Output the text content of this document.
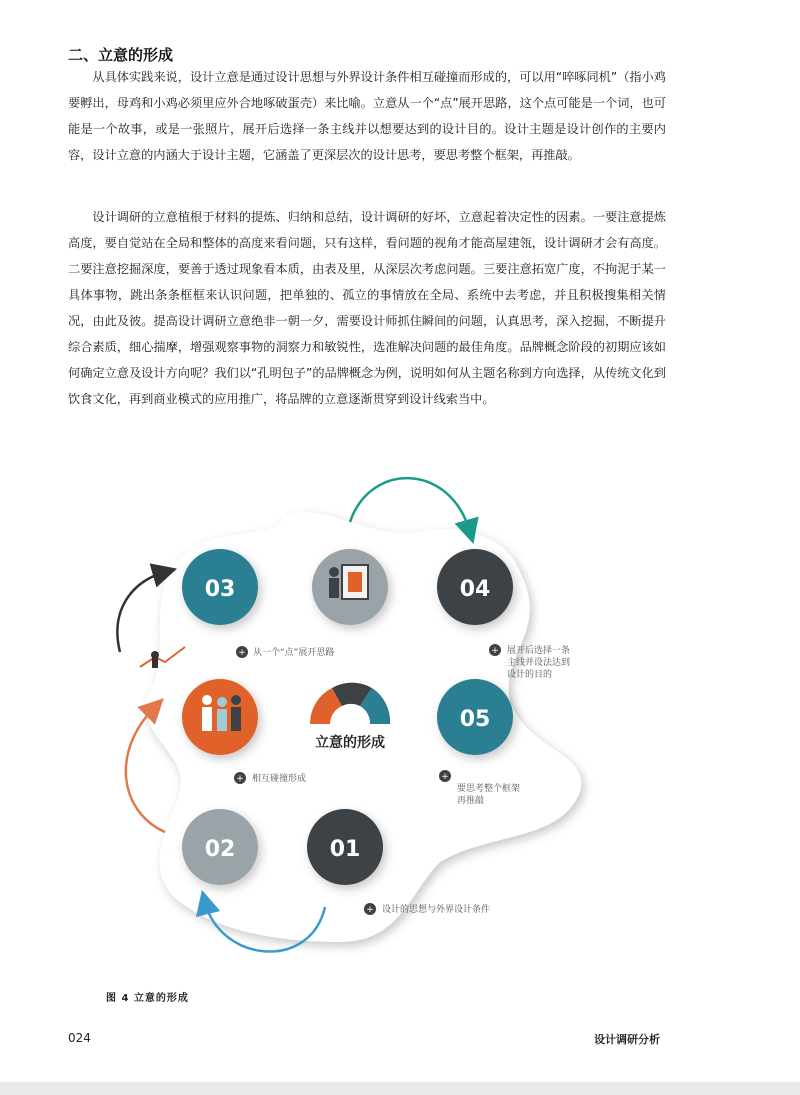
二、立意的形成

从具体实践来说，设计立意是通过设计思想与外界设计条件相互碰撞而形成的，可以用“啐啄同机”（指小鸡要孵出，母鸡和小鸡必须里应外合地啄破蛋壳）来比喻。立意从一个“点”展开思路，这个点可能是一个词，也可能是一个故事，或是一张照片，展开后选择一条主线并以想要达到的设计目的。设计主题是设计创作的主要内容，设计立意的内涵大于设计主题，它涵盖了更深层次的设计思考，要思考整个框架，再推敲。

设计调研的立意植根于材料的提炼、归纳和总结，设计调研的好坏，立意起着决定性的因素。一要注意提炼高度，要自觉站在全局和整体的高度来看问题，只有这样，看问题的视角才能高屋建瓴，设计调研才会有高度。二要注意挖掘深度，要善于透过现象看本质，由表及里，从深层次考虑问题。三要注意拓宽广度，不拘泥于某一具体事物，跳出条条框框来认识问题，把单独的、孤立的事情放在全局、系统中去考虑，并且积极搜集相关情况，由此及彼。提高设计调研立意绝非一朝一夕，需要设计师抓住瞬间的问题，认真思考，深入挖掘，不断提升综合素质，细心揣摩，增强观察事物的洞察力和敏锐性，选准解决问题的最佳角度。品牌概念阶段的初期应该如何确定立意及设计方向呢？我们以“孔明包子”的品牌概念为例，说明如何从主题名称到方向选择，从传统文化到饮食文化，再到商业模式的应用推广，将品牌的立意逐渐贯穿到设计线索当中。

03	04
立意的形成
05
02	01
+ 从一个“点”展开思路	+ 展开后选择一条
主线并设法达到
设计的目的
+ 相互碰撞形成	+
要思考整个框架
再推敲
+ 设计的思想与外界设计条件
图 4 立意的形成
024	设计调研分析
